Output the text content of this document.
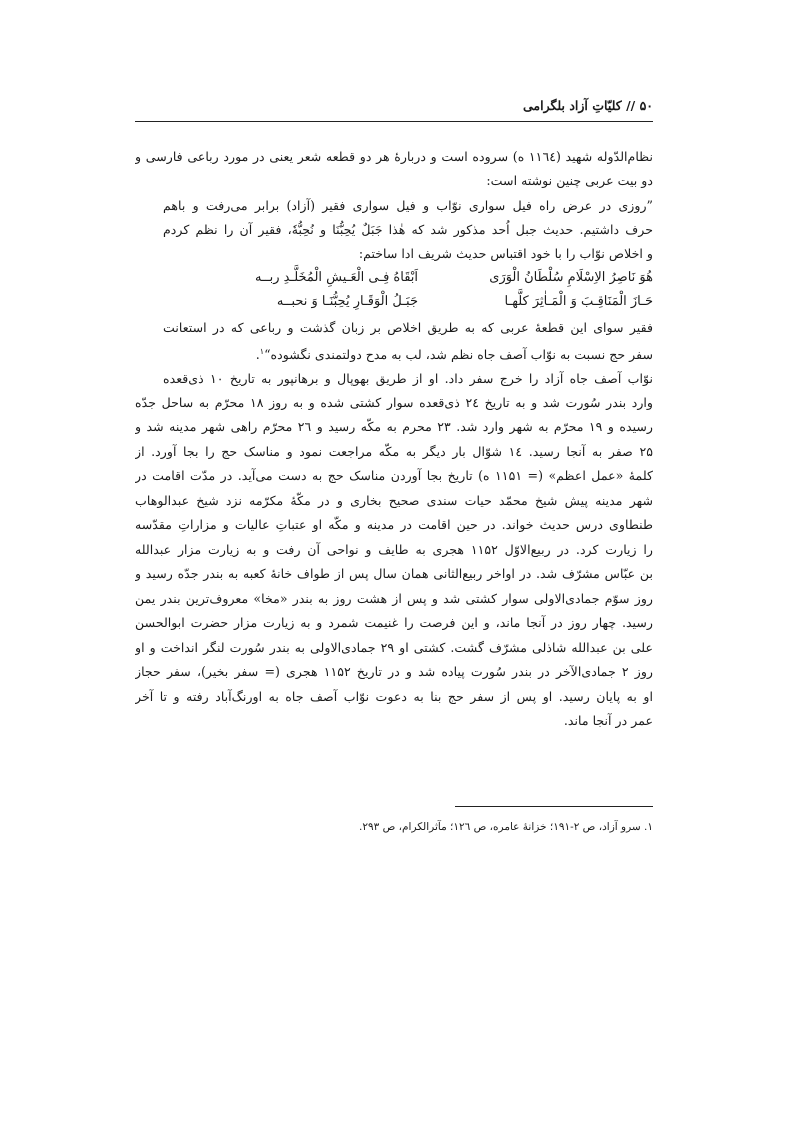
۵۰ // کلیّاتِ آزاد بلگرامی
نظام‌الدّوله شهید (۱۱٦٤ ه) سروده است و دربارهٔ هر دو قطعه شعر یعنی در مورد رباعی فارسی و
دو بیت عربی چنین نوشته است:
”روزی در عرض راه فیل سواری نوّاب و فیل سواری فقیر (آزاد) برابر می‌رفت و باهم
حرف داشتیم. حدیث جبل اُحد مذکور شد که هٰذا جَبَلٌ یُحِبُّنَا و نُحِبُّهٗ، فقیر آن را نظم کردم
و اخلاص نوّاب را با خود اقتباس حدیث شریف ادا ساختم:
هُوَ نَاصِرُ الاِسْلَامِ سُلْطَانُ الْوَرَی
اَبْقَاهُ فِـی الْعَـیشِ الْمُخَلَّـدِ ربــه
حَـازَ الْمَنَاقِـبَ وَ الْمَـاٰثِرَ کلَّهـا
جَبَـلُ الْوَقَـارِ یُحِبُّنَـا وَ نحبــه
فقیر سوای این قطعهٔ عربی که به طریق اخلاص بر زبان گذشت و رباعی که در استعانت
سفر حج نسبت به نوّاب آصف جاه نظم شد، لب به مدح دولتمندی نگشوده“$^۱$.
نوّاب آصف جاه آزاد را خرج سفر داد. او از طریق بهوپال و برهانپور به تاریخ ۱۰ ذی‌قعده
وارد بندر سُورت شد و به تاریخ ۲٤ ذی‌قعده سوار کشتی شده و به روز ۱۸ محرّم به ساحل جدّه
رسیده و ۱۹ محرّم به شهر وارد شد. ۲۳ محرم به مکّه رسید و ۲٦ محرّم راهی شهر مدینه شد و
۲۵ صفر به آنجا رسید. ۱٤ شوّال بار دیگر به مکّه مراجعت نمود و مناسک حج را بجا آورد. از
کلمهٔ «عمل اعظم» (= ۱۱۵۱ ه) تاریخ بجا آوردن مناسک حج به دست می‌آید. در مدّت اقامت در
شهر مدینه پیش شیخ محمّد حیات سندی صحیح بخاری و در مکّهٔ مکرّمه نزد شیخ عبدالوهاب
طنطاوی درس حدیث خواند. در حین اقامت در مدینه و مکّه او عتباتِ عالیات و مزاراتِ مقدّسه
را زیارت کرد. در ربیع‌الاوّل ۱۱۵۲ هجری به طایف و نواحی آن رفت و به زیارت مزار عبدالله
بن عبّاس مشرّف شد. در اواخر ربیع‌الثانی همان سال پس از طواف خانهٔ کعبه به بندر جدّه رسید و
روز سوّم جمادی‌الاولی سوار کشتی شد و پس از هشت روز به بندر «مخا» معروف‌ترین بندر یمن
رسید. چهار روز در آنجا ماند، و این فرصت را غنیمت شمرد و به زیارت مزار حضرت ابوالحسن
علی بن عبدالله شاذلی مشرّف گشت. کشتی او ۲۹ جمادی‌الاولی به بندر سُورت لنگر انداخت و او
روز ۲ جمادی‌الآخر در بندر سُورت پیاده شد و در تاریخ ۱۱۵۲ هجری (= سفر بخیر)، سفر حجاز
او به پایان رسید. او پس از سفر حج بنا به دعوت نوّاب آصف جاه به اورنگ‌آباد رفته و تا آخر
عمر در آنجا ماند.
۱. سرو آزاد، ص ۲-۱۹۱؛ خزانهٔ عامره، ص ۱۲٦؛ مآثرالکرام، ص ۲۹۳.
